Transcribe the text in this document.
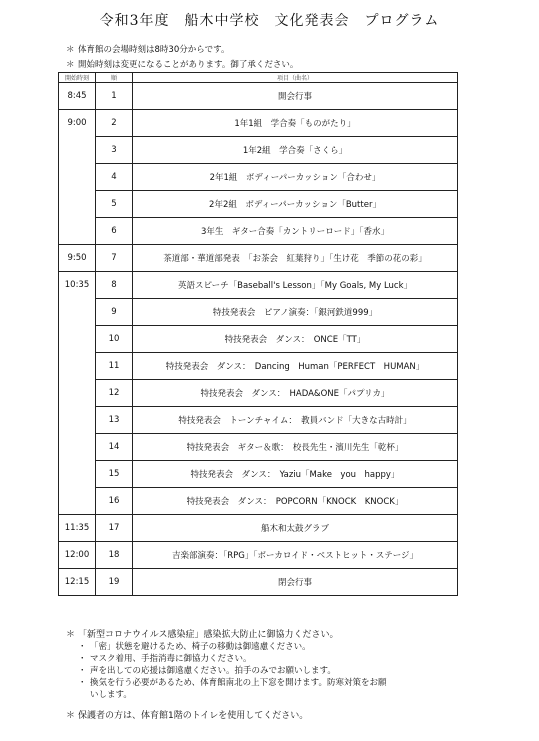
令和3年度　船木中学校　文化発表会　プログラム
＊ 体育館の会場時刻は8時30分からです。
＊ 開始時刻は変更になることがあります。御了承ください。
開始時刻	順	項目（曲名）
8:45	1	開会行事
9:00	2	1年1組　学合奏「ものがたり」
	3	1年2組　学合奏「さくら」
	4	2年1組　ボディーパーカッション「合わせ」
	5	2年2組　ボディーパーカッション「Butter」
	6	3年生　ギター合奏「カントリーロード」「香水」
9:50	7	茶道部・華道部発表　「お茶会　紅葉狩り」「生け花　季節の花の彩」
10:35	8	英語スピーチ「Baseball's Lesson」「My Goals, My Luck」
	9	特技発表会　ピアノ演奏：「銀河鉄道999」
	10	特技発表会　ダンス：　ONCE「TT」
	11	特技発表会　ダンス：　Dancing　Human「PERFECT　HUMAN」
	12	特技発表会　ダンス：　HADA&ONE「パプリカ」
	13	特技発表会　トーンチャイム：　教員バンド「大きな古時計」
	14	特技発表会　ギター＆歌：　校長先生・濱川先生「乾杯」
	15	特技発表会　ダンス：　Yaziu「Make　you　happy」
	16	特技発表会　ダンス：　POPCORN「KNOCK　KNOCK」
11:35	17	船木和太鼓グラブ
12:00	18	吉楽部演奏：「RPG」「ボーカロイド・ベストヒット・ステージ」
12:15	19	閉会行事
＊ 「新型コロナウイルス感染症」感染拡大防止に御協力ください。
・ 「密」状態を避けるため、椅子の移動は御遠慮ください。
・ マスク着用、手指消毒に御協力ください。
・ 声を出しての応援は御遠慮ください。拍手のみでお願いします。
・ 換気を行う必要があるため、体育館南北の上下窓を開けます。防寒対策をお願
いします。
＊ 保護者の方は、体育館1階のトイレを使用してください。
